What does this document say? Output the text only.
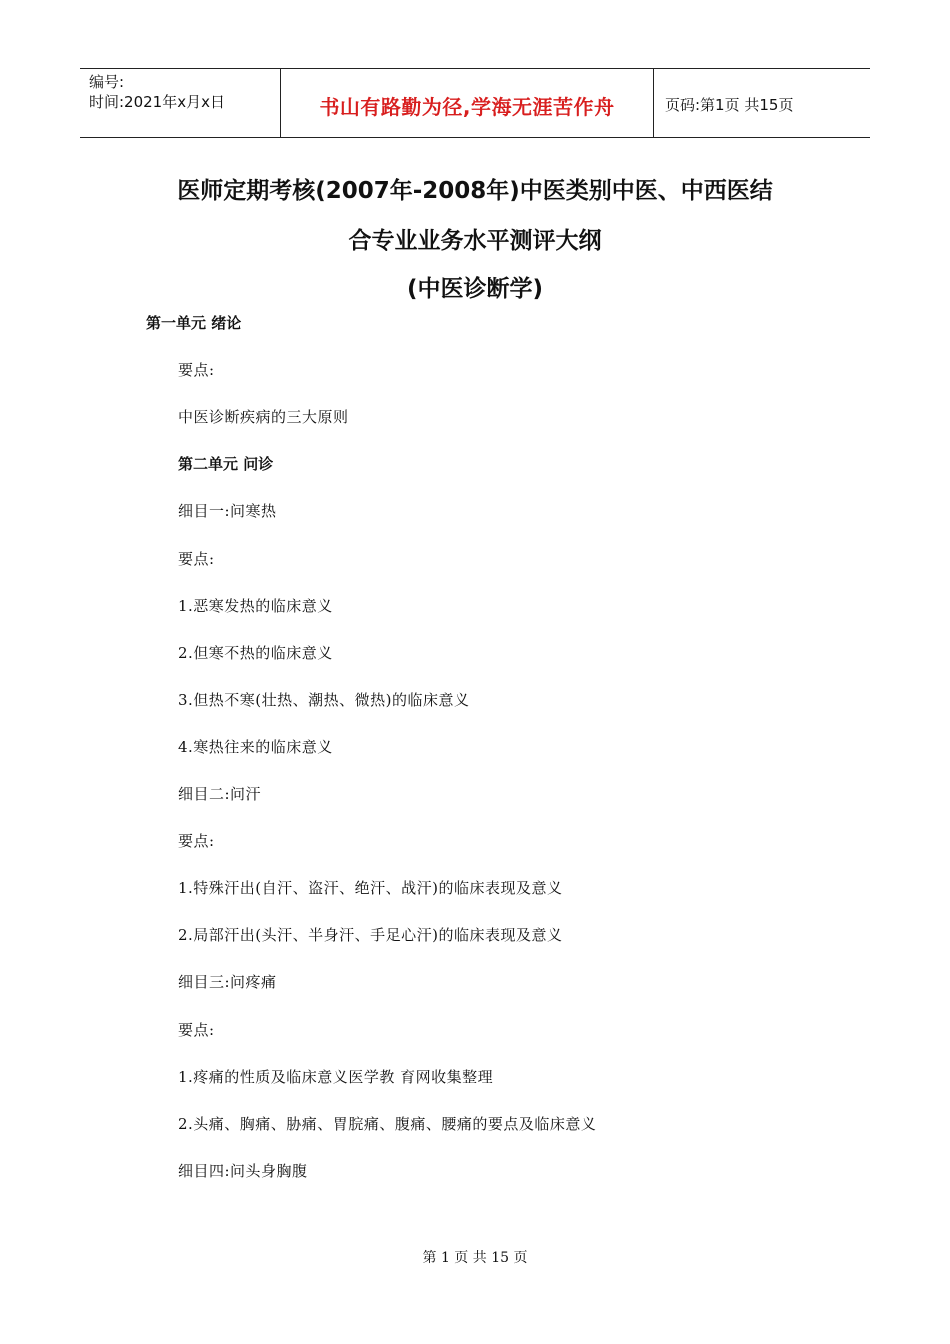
编号:
时间:2021年x月x日	书山有路勤为径,学海无涯苦作舟	页码:第1页 共15页
医师定期考核(2007年-2008年)中医类别中医、中西医结
合专业业务水平测评大纲
(中医诊断学)
第一单元 绪论
要点:
中医诊断疾病的三大原则
第二单元 问诊
细目一:问寒热
要点:
1.恶寒发热的临床意义
2.但寒不热的临床意义
3.但热不寒(壮热、潮热、微热)的临床意义
4.寒热往来的临床意义
细目二:问汗
要点:
1.特殊汗出(自汗、盗汗、绝汗、战汗)的临床表现及意义
2.局部汗出(头汗、半身汗、手足心汗)的临床表现及意义
细目三:问疼痛
要点:
1.疼痛的性质及临床意义医学教 育网收集整理
2.头痛、胸痛、胁痛、胃脘痛、腹痛、腰痛的要点及临床意义
细目四:问头身胸腹
第 1 页 共 15 页
